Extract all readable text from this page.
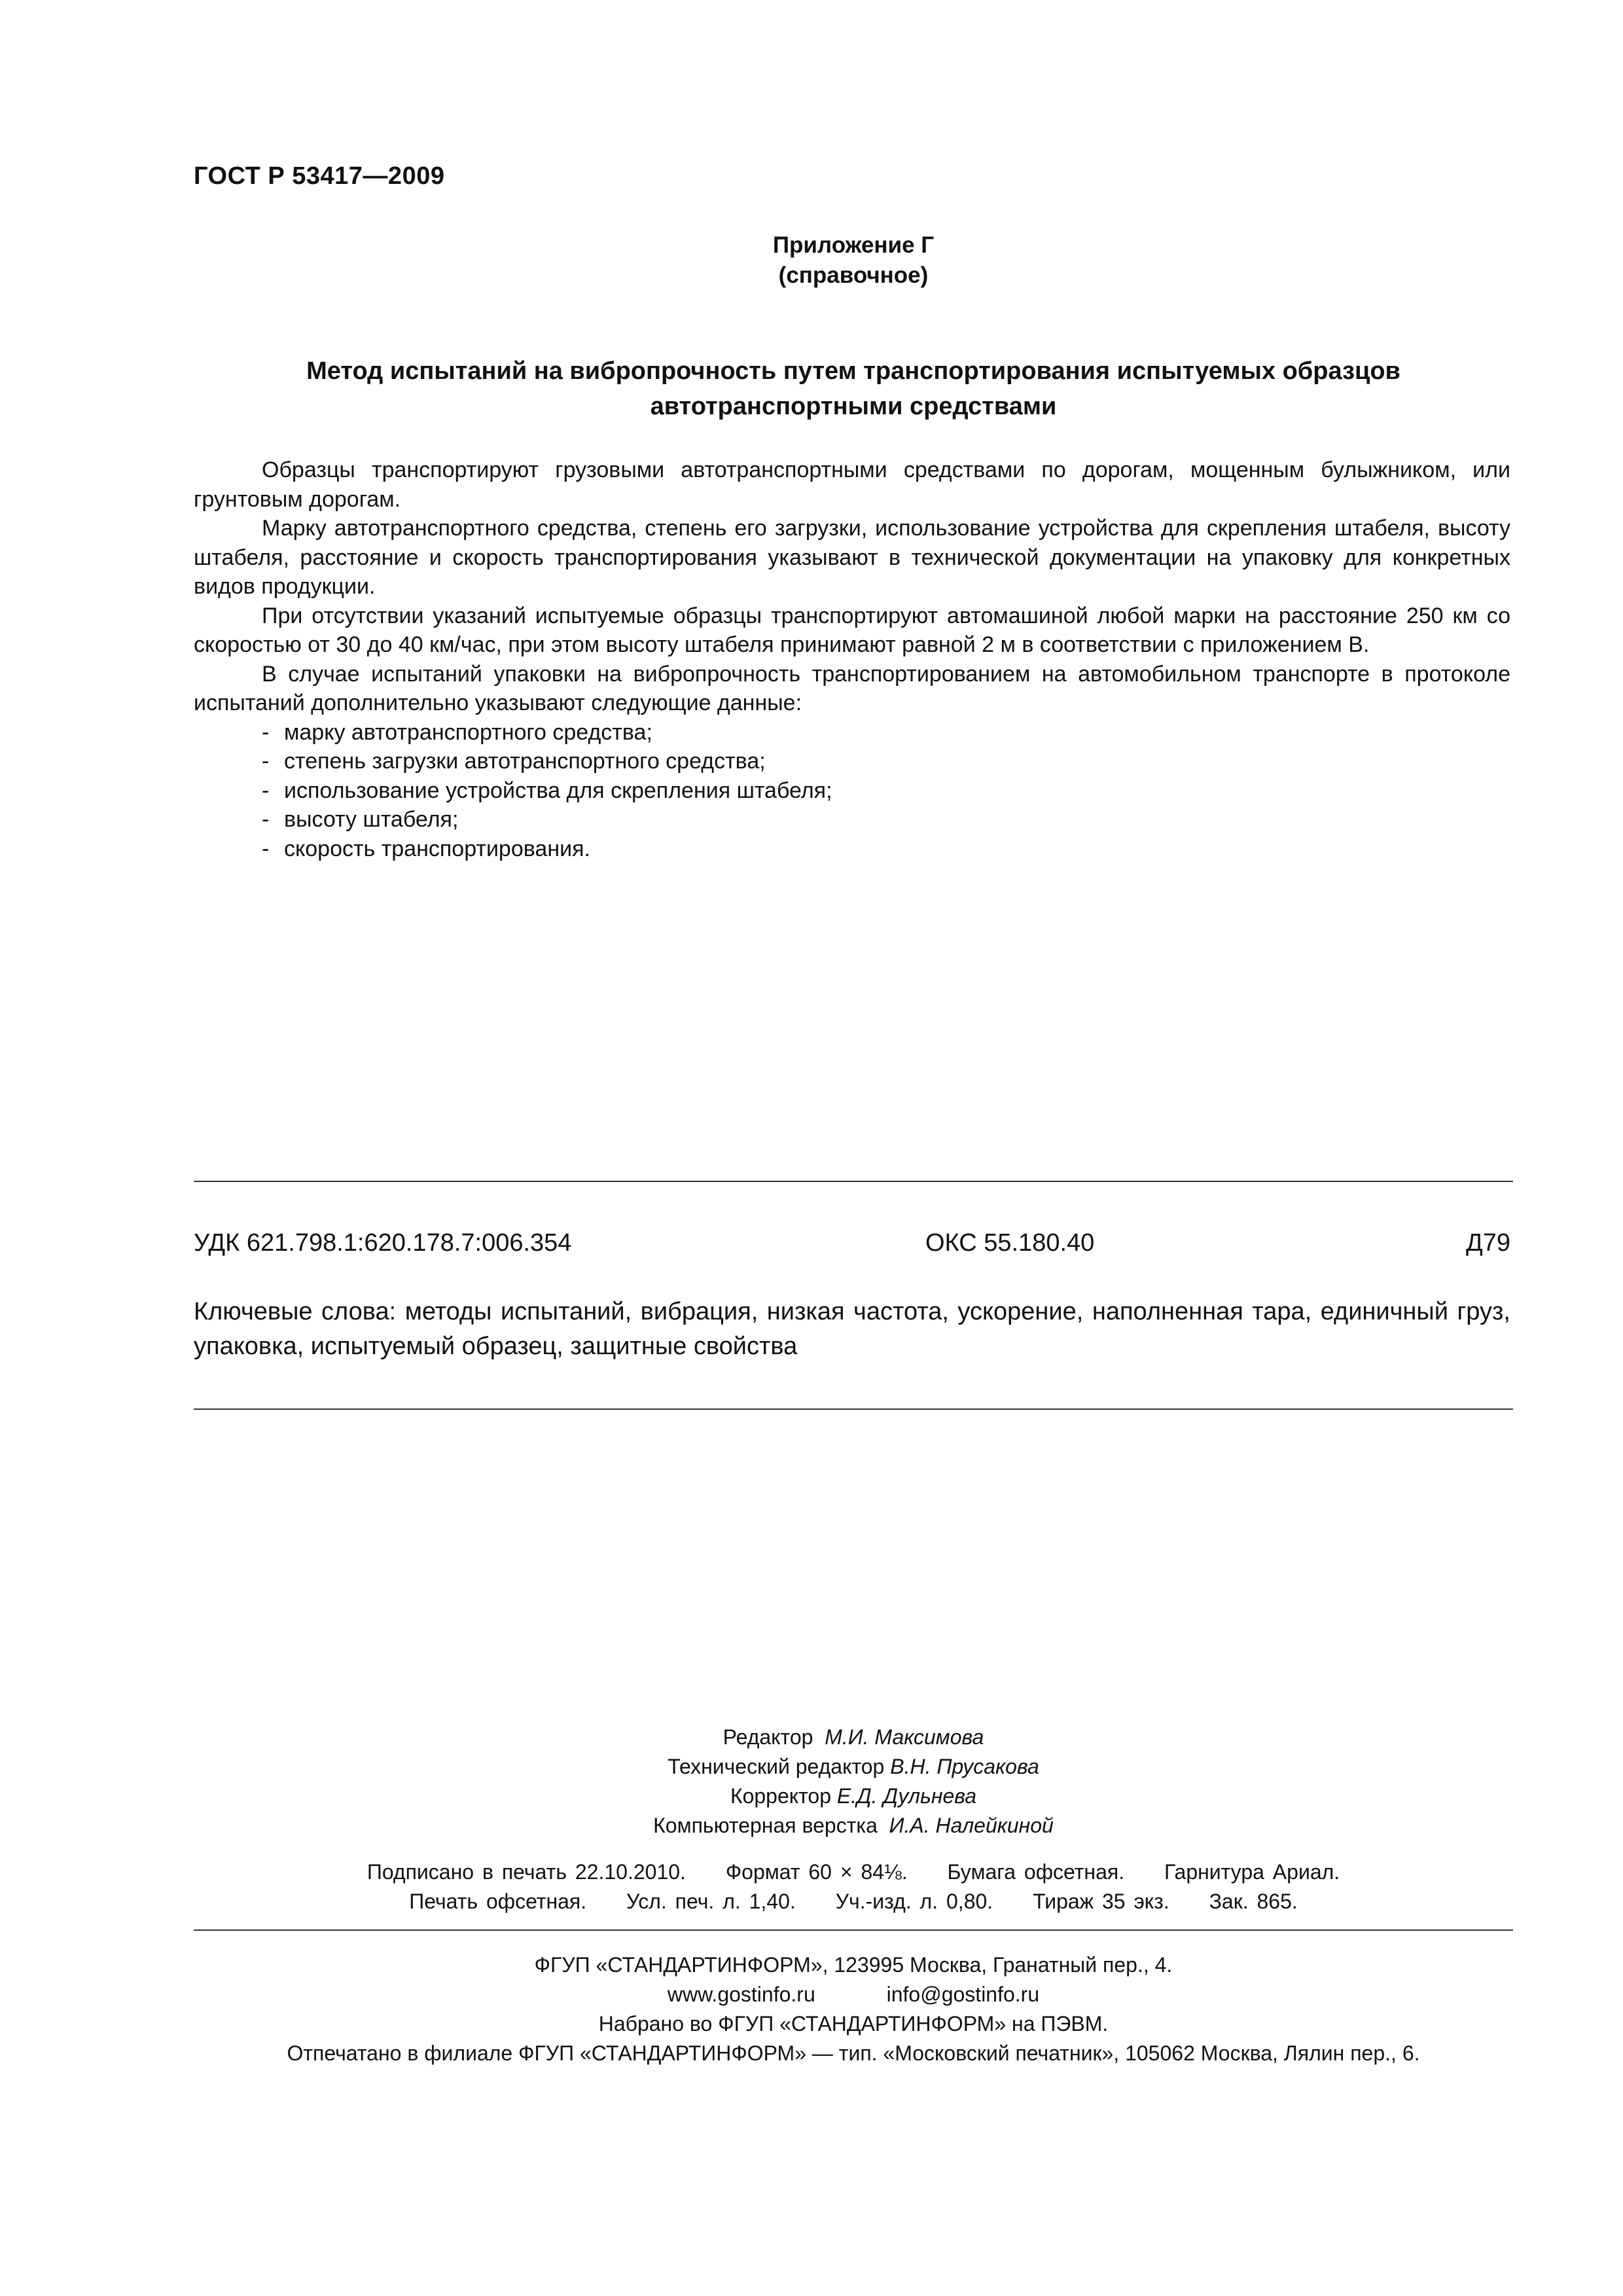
ГОСТ Р 53417—2009
Приложение Г
(справочное)
Метод испытаний на вибропрочность путем транспортирования испытуемых образцов
автотранспортными средствами

Образцы транспортируют грузовыми автотранспортными средствами по дорогам, мощенным булыжником, или грунтовым дорогам.

Марку автотранспортного средства, степень его загрузки, использование устройства для скрепления штабеля, высоту штабеля, расстояние и скорость транспортирования указывают в технической документации на упаковку для конкретных видов продукции.

При отсутствии указаний испытуемые образцы транспортируют автомашиной любой марки на расстояние 250 км со скоростью от 30 до 40 км/час, при этом высоту штабеля принимают равной 2 м в соответствии с приложением В.

В случае испытаний упаковки на вибропрочность транспортированием на автомобильном транспорте в протоколе испытаний дополнительно указывают следующие данные:

- марку автотранспортного средства;
- степень загрузки автотранспортного средства;
- использование устройства для скрепления штабеля;
- высоту штабеля;
- скорость транспортирования.
УДК 621.798.1:620.178.7:006.354	ОКС 55.180.40	Д79
Ключевые слова: методы испытаний, вибрация, низкая частота, ускорение, наполненная тара, единичный груз, упаковка, испытуемый образец, защитные свойства
Редактор М.И. Максимова
Технический редактор В.Н. Прусакова
Корректор Е.Д. Дульнева
Компьютерная верстка И.А. Налейкиной
Подписано в печать 22.10.2010. Формат 60 × 84⅛. Бумага офсетная. Гарнитура Ариал.
Печать офсетная. Усл. печ. л. 1,40. Уч.-изд. л. 0,80. Тираж 35 экз. Зак. 865.
ФГУП «СТАНДАРТИНФОРМ», 123995 Москва, Гранатный пер., 4.
www.gostinfo.ru	info@gostinfo.ru
Набрано во ФГУП «СТАНДАРТИНФОРМ» на ПЭВМ.
Отпечатано в филиале ФГУП «СТАНДАРТИНФОРМ» — тип. «Московский печатник», 105062 Москва, Лялин пер., 6.
